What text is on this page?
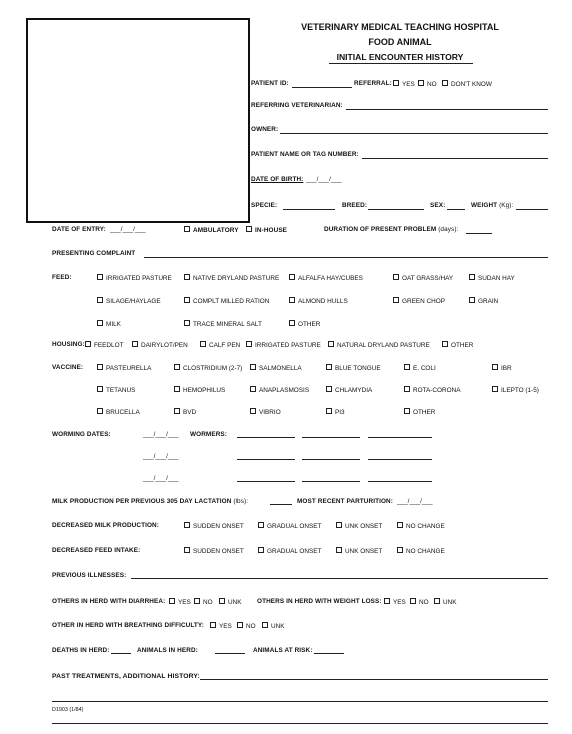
VETERINARY MEDICAL TEACHING HOSPITAL
FOOD ANIMAL
INITIAL ENCOUNTER HISTORY
PATIENT ID:	REFERRAL:	YES	NO	DON'T KNOW
REFERRING VETERINARIAN:
OWNER:
PATIENT NAME OR TAG NUMBER:
DATE OF BIRTH: ___/___/___
SPECIE:	BREED:	SEX:	WEIGHT (Kg):
DATE OF ENTRY: ___/___/___	AMBULATORY	IN-HOUSE	DURATION OF PRESENT PROBLEM (days):
PRESENTING COMPLAINT
FEED:	IRRIGATED PASTURE	NATIVE DRYLAND PASTURE	ALFALFA HAY/CUBES	OAT GRASS/HAY	SUDAN HAY
SILAGE/HAYLAGE	COMPLT MILLED RATION	ALMOND HULLS	GREEN CHOP	GRAIN
MILK	TRACE MINERAL SALT	OTHER
HOUSING:	FEEDLOT	DAIRYLOT/PEN	CALF PEN	IRRIGATED PASTURE	NATURAL DRYLAND PASTURE	OTHER
VACCINE:	PASTEURELLA	CLOSTRIDIUM (2-7)	SALMONELLA	BLUE TONGUE	E. COLI	IBR
TETANUS	HEMOPHILUS	ANAPLASMOSIS	CHLAMYDIA	ROTA-CORONA	ILEPTO (1-5)
BRUCELLA	BVD	VIBRIO	PI3	OTHER
WORMING DATES:	___/___/___ WORMERS:
___/___/___
___/___/___
MILK PRODUCTION PER PREVIOUS 305 DAY LACTATION (lbs):	MOST RECENT PARTURITION: ___/___/___
DECREASED MILK PRODUCTION:	SUDDEN ONSET	GRADUAL ONSET	UNK ONSET	NO CHANGE
DECREASED FEED INTAKE:	SUDDEN ONSET	GRADUAL ONSET	UNK ONSET	NO CHANGE
PREVIOUS ILLNESSES:
OTHERS IN HERD WITH DIARRHEA:	YES	NO	UNK OTHERS IN HERD WITH WEIGHT LOSS:	YES	NO	UNK
OTHER IN HERD WITH BREATHING DIFFICULTY:	YES	NO	UNK
DEATHS IN HERD:	ANIMALS IN HERD:	ANIMALS AT RISK:
PAST TREATMENTS, ADDITIONAL HISTORY:
D1903 (1/84)
